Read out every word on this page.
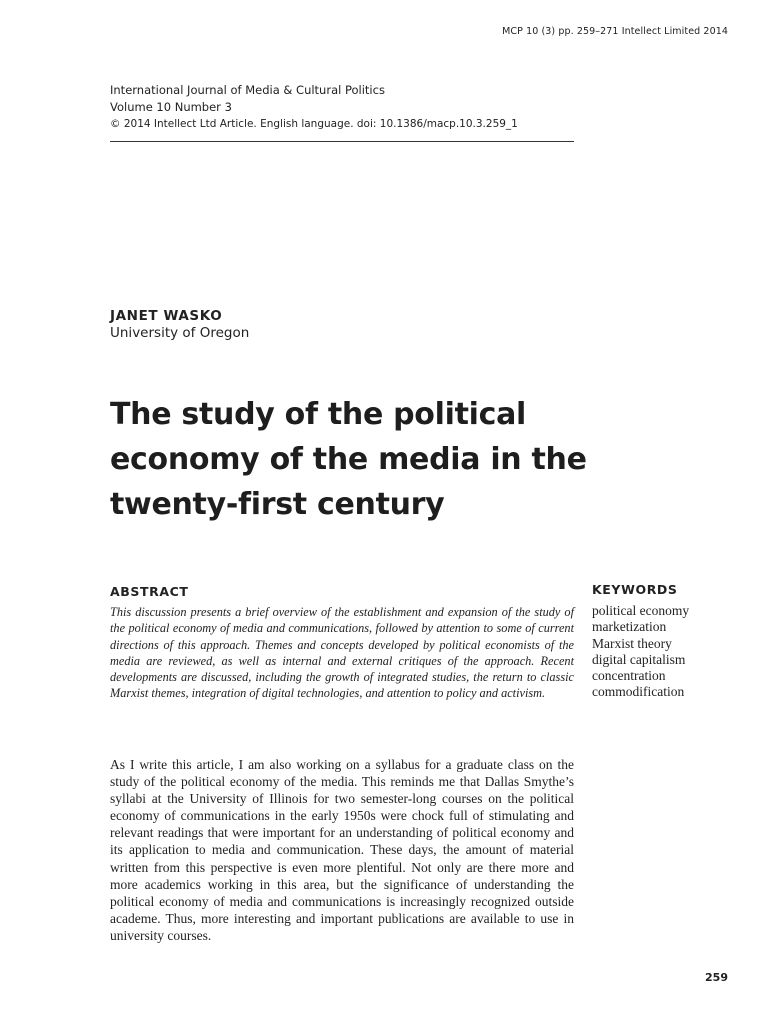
MCP 10 (3) pp. 259–271 Intellect Limited 2014
International Journal of Media & Cultural Politics
Volume 10 Number 3
© 2014 Intellect Ltd Article. English language. doi: 10.1386/macp.10.3.259_1
JANET WASKO
University of Oregon
The study of the political
economy of the media in the
twenty-first century
ABSTRACT

This discussion presents a brief overview of the establishment and expansion of the study of the political economy of media and communications, followed by attention to some of current directions of this approach. Themes and concepts developed by political economists of the media are reviewed, as well as internal and external critiques of the approach. Recent developments are discussed, including the growth of integrated studies, the return to classic Marxist themes, integration of digital technologies, and attention to policy and activism.

KEYWORDS
political economy
marketization
Marxist theory
digital capitalism
concentration
commodification

As I write this article, I am also working on a syllabus for a graduate class on the study of the political economy of the media. This reminds me that Dallas Smythe’s syllabi at the University of Illinois for two semester-long courses on the political economy of communications in the early 1950s were chock full of stimulating and relevant readings that were important for an understanding of political economy and its application to media and communication. These days, the amount of material written from this perspective is even more plentiful. Not only are there more and more academics working in this area, but the significance of understanding the political economy of media and communications is increasingly recognized outside academe. Thus, more interesting and important publications are available to use in university courses.

259
